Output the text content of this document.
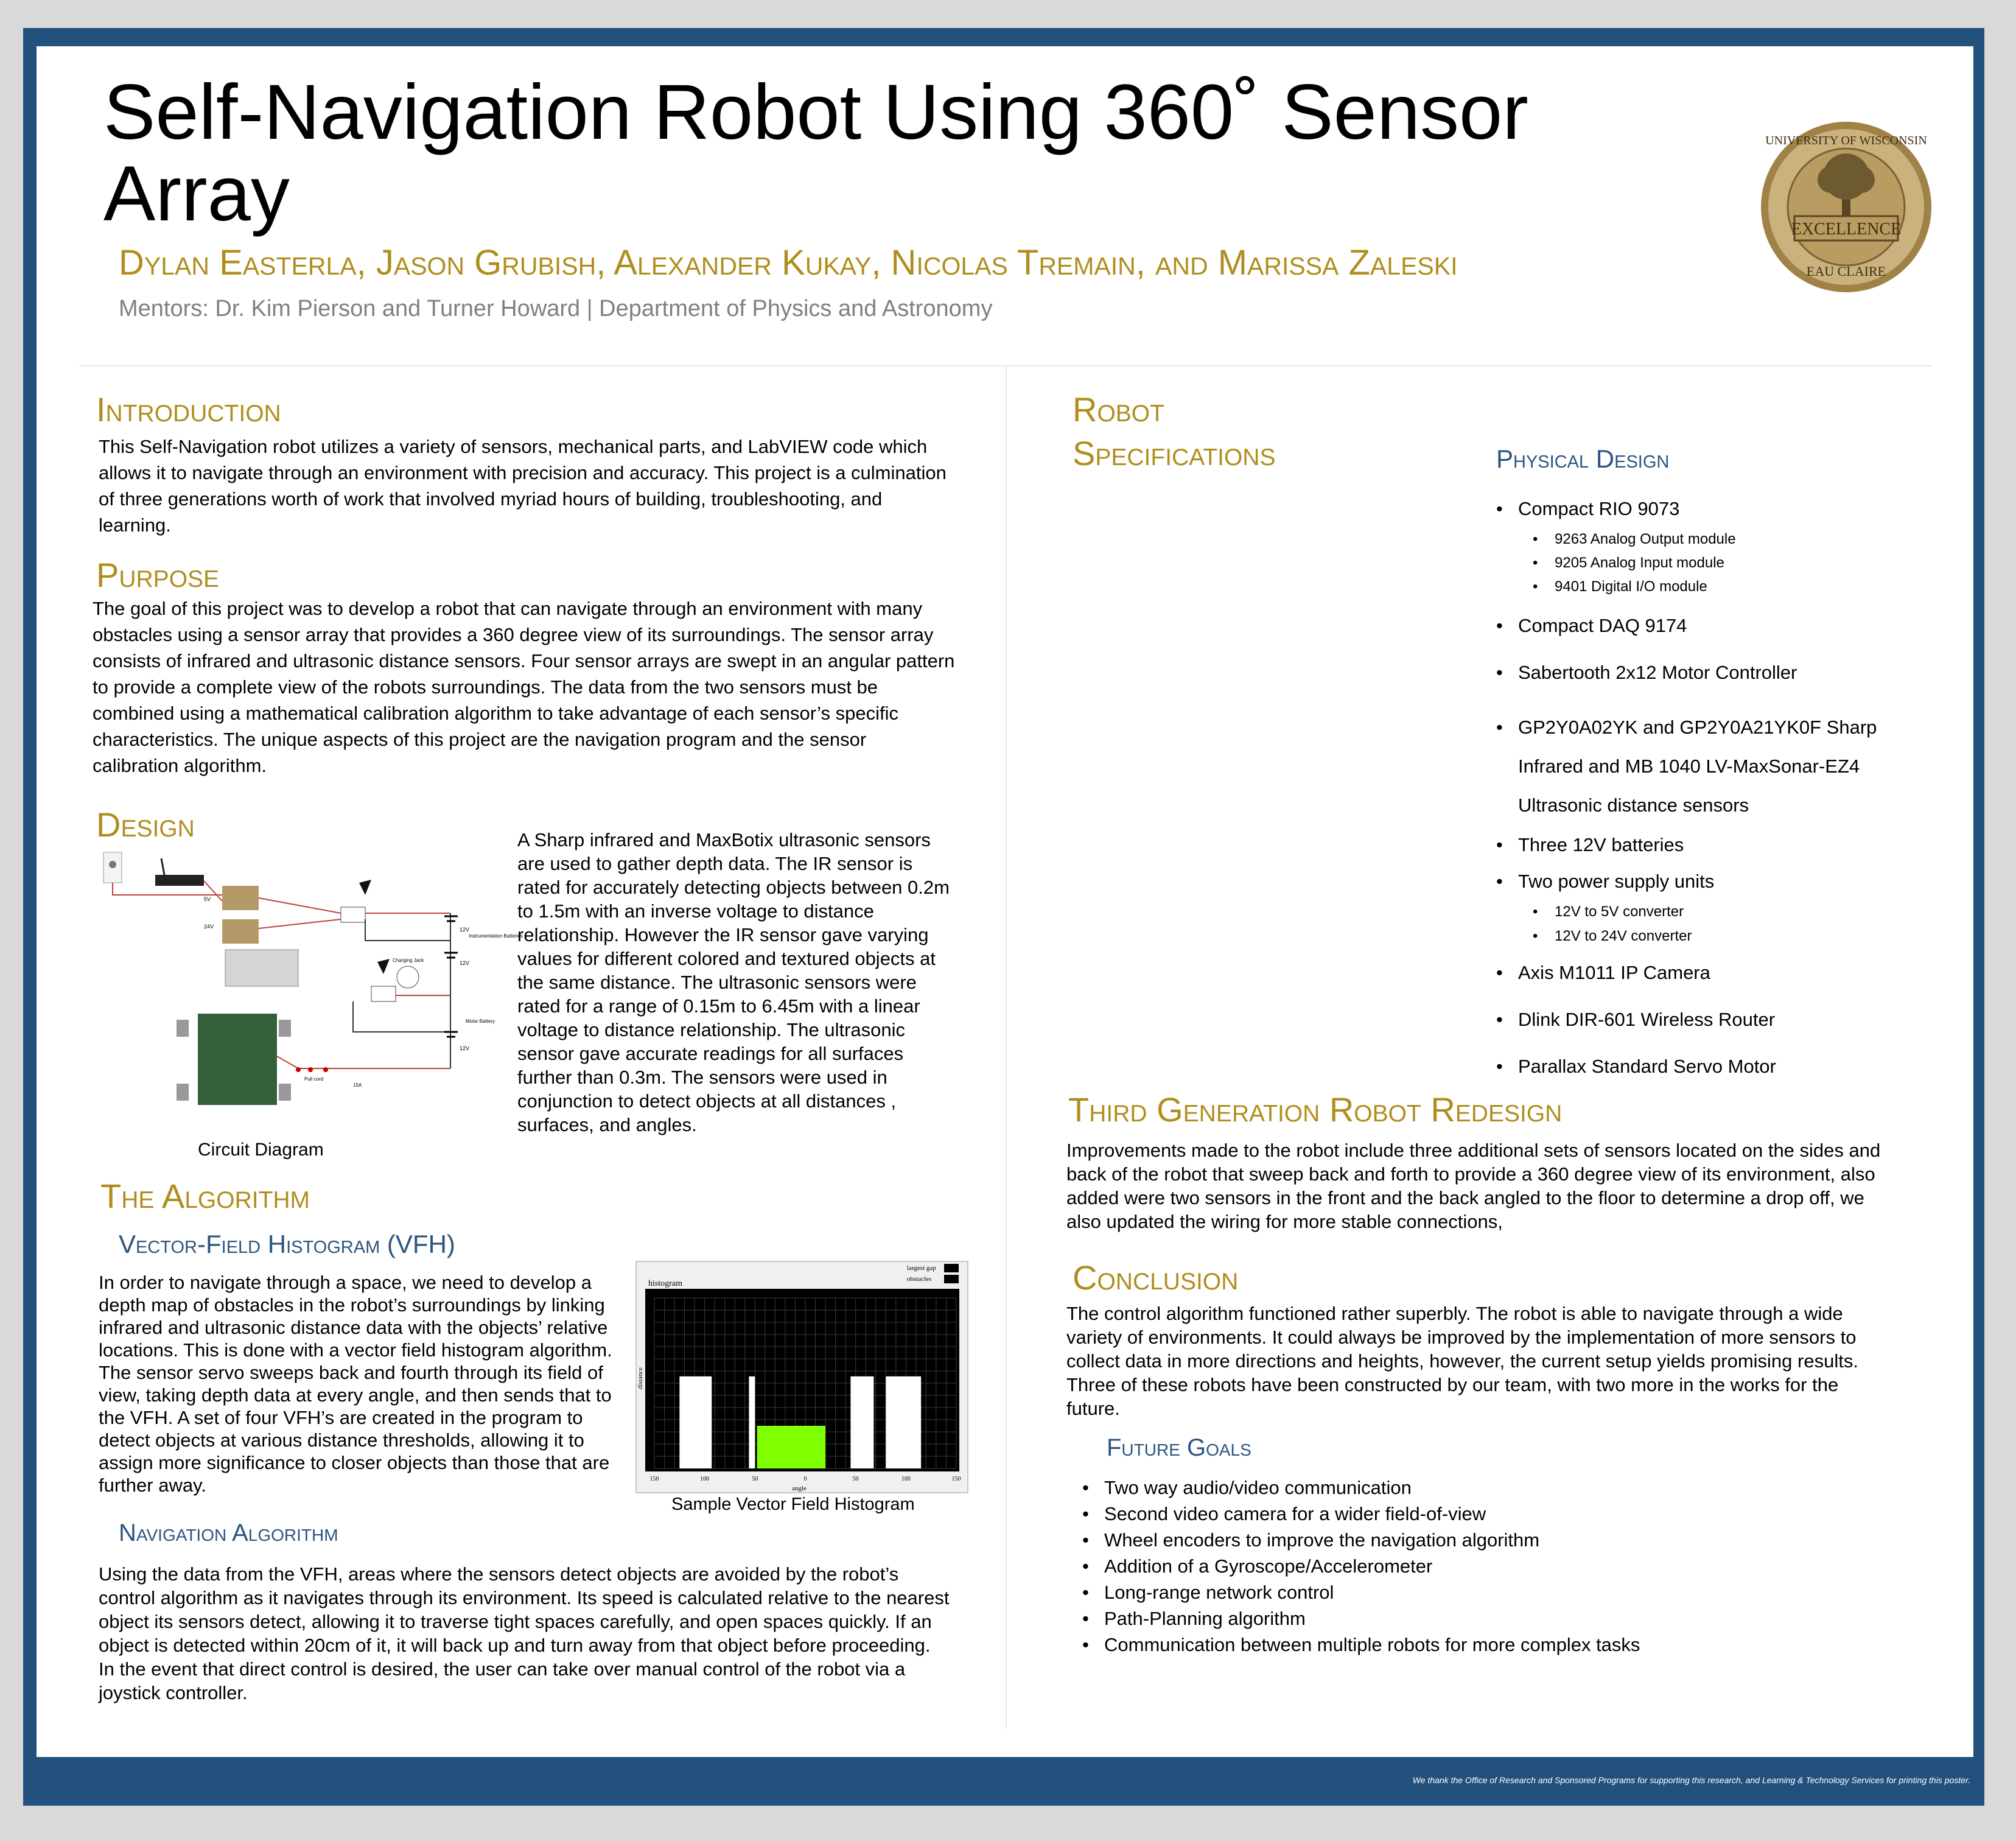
Self-Navigation Robot Using 360˚ Sensor Array
Dylan Easterla, Jason Grubish, Alexander Kukay, Nicolas Tremain, and Marissa Zaleski
Mentors: Dr. Kim Pierson and Turner Howard | Department of Physics and Astronomy
EXCELLENCE
EAU CLAIRE
UNIVERSITY OF WISCONSIN
Introduction
This Self-Navigation robot utilizes a variety of sensors, mechanical parts, and LabVIEW code which allows it to navigate through an environment with precision and accuracy. This project is a culmination of three generations worth of work that involved myriad hours of building, troubleshooting, and learning.
Purpose
The goal of this project was to develop a robot that can navigate through an environment with many obstacles using a sensor array that provides a 360 degree view of its surroundings. The sensor array consists of infrared and ultrasonic distance sensors. Four sensor arrays are swept in an angular pattern to provide a complete view of the robots surroundings. The data from the two sensors must be combined using a mathematical calibration algorithm to take advantage of each sensor’s specific characteristics. The unique aspects of this project are the navigation program and the sensor calibration algorithm.
Design
12V
12V
12V
5V
24V
Instrumentation Batteries
Charging Jack
Motor Battery
Pull cord
15A
Circuit Diagram
A Sharp infrared and MaxBotix ultrasonic sensors are used to gather depth data. The IR sensor is rated for accurately detecting objects between 0.2m to 1.5m with an inverse voltage to distance relationship. However the IR sensor gave varying values for different colored and textured objects at the same distance. The ultrasonic sensors were rated for a range of 0.15m to 6.45m with a linear voltage to distance relationship. The ultrasonic sensor gave accurate readings for all surfaces further than 0.3m. The sensors were used in conjunction to detect objects at all distances , surfaces, and angles.
The Algorithm
Vector-Field Histogram (VFH)
In order to navigate through a space, we need to develop a depth map of obstacles in the robot’s surroundings by linking infrared and ultrasonic distance data with the objects’ relative locations. This is done with a vector field histogram algorithm. The sensor servo sweeps back and fourth through its field of view, taking depth data at every angle, and then sends that to the VFH. A set of four VFH’s are created in the program to detect objects at various distance thresholds, allowing it to assign more significance to closer objects than those that are further away.
histogram
largest gap
obstacles
distance
angle
150	100	50	0	50	100	150
1
0
Sample Vector Field Histogram
Navigation Algorithm
Using the data from the VFH, areas where the sensors detect objects are avoided by the robot’s control algorithm as it navigates through its environment. Its speed is calculated relative to the nearest object its sensors detect, allowing it to traverse tight spaces carefully, and open spaces quickly. If an object is detected within 20cm of it, it will back up and turn away from that object before proceeding. In the event that direct control is desired, the user can take over manual control of the robot via a joystick controller.
Robot
Specifications	Physical Design
• Compact RIO 9073
• 9263 Analog Output module
• 9205 Analog Input module
• 9401 Digital I/O module
• Compact DAQ 9174
• Sabertooth 2x12 Motor Controller
• GP2Y0A02YK and GP2Y0A21YK0F Sharp
Infrared and MB 1040 LV-MaxSonar-EZ4
Ultrasonic distance sensors
• Three 12V batteries
• Two power supply units
• 12V to 5V converter
• 12V to 24V converter
• Axis M1011 IP Camera
• Dlink DIR-601 Wireless Router
• Parallax Standard Servo Motor
Third Generation Robot Redesign
Improvements made to the robot include three additional sets of sensors located on the sides and back of the robot that sweep back and forth to provide a 360 degree view of its environment, also added were two sensors in the front and the back angled to the floor to determine a drop off, we also updated the wiring for more stable connections,
Conclusion
The control algorithm functioned rather superbly. The robot is able to navigate through a wide variety of environments. It could always be improved by the implementation of more sensors to collect data in more directions and heights, however, the current setup yields promising results. Three of these robots have been constructed by our team, with two more in the works for the future.
Future Goals
• Two way audio/video communication
• Second video camera for a wider field-of-view
• Wheel encoders to improve the navigation algorithm
• Addition of a Gyroscope/Accelerometer
• Long-range network control
• Path-Planning algorithm
• Communication between multiple robots for more complex tasks
We thank the Office of Research and Sponsored Programs for supporting this research, and Learning & Technology Services for printing this poster.
